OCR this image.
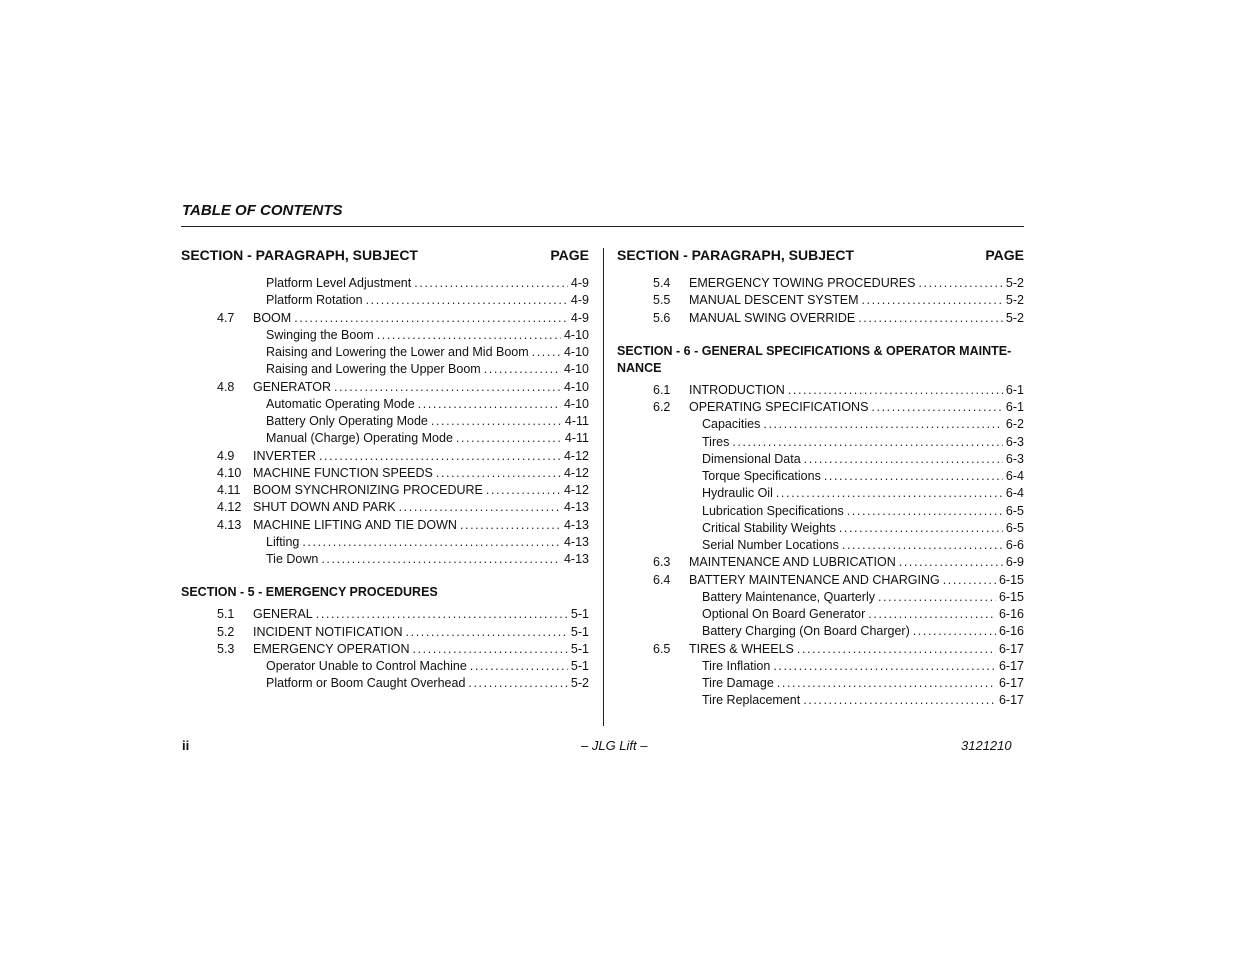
TABLE OF CONTENTS
SECTION - PARAGRAPH, SUBJECT	PAGE
Platform Level Adjustment .....	4-9
Platform Rotation .....	4-9
4.7	BOOM .....	4-9
Swinging the Boom .....	4-10
Raising and Lowering the Lower and Mid Boom .....	4-10
Raising and Lowering the Upper Boom .....	4-10
4.8	GENERATOR .....	4-10
Automatic Operating Mode .....	4-10
Battery Only Operating Mode .....	4-11
Manual (Charge) Operating Mode .....	4-11
4.9	INVERTER .....	4-12
4.10 MACHINE FUNCTION SPEEDS .....	4-12
4.11	BOOM SYNCHRONIZING PROCEDURE .....	4-12
4.12 SHUT DOWN AND PARK .....	4-13
4.13 MACHINE LIFTING AND TIE DOWN .....	4-13
Lifting .....	4-13
Tie Down .....	4-13
SECTION - 5 - EMERGENCY PROCEDURES
5.1	GENERAL .....	5-1
5.2	INCIDENT NOTIFICATION .....	5-1
5.3	EMERGENCY OPERATION .....	5-1
Operator Unable to Control Machine .....	5-1
Platform or Boom Caught Overhead .....	5-2
SECTION - PARAGRAPH, SUBJECT	PAGE
5.4	EMERGENCY TOWING PROCEDURES .....	5-2
5.5	MANUAL DESCENT SYSTEM .....	5-2
5.6	MANUAL SWING OVERRIDE .....	5-2
SECTION - 6 - GENERAL SPECIFICATIONS & OPERATOR MAINTE-NANCE
6.1	INTRODUCTION .....	6-1
6.2	OPERATING SPECIFICATIONS .....	6-1
Capacities .....	6-2
Tires .....	6-3
Dimensional Data .....	6-3
Torque Specifications .....	6-4
Hydraulic Oil .....	6-4
Lubrication Specifications .....	6-5
Critical Stability Weights .....	6-5
Serial Number Locations .....	6-6
6.3	MAINTENANCE AND LUBRICATION .....	6-9
6.4	BATTERY MAINTENANCE AND CHARGING .....	6-15
Battery Maintenance, Quarterly .....	6-15
Optional On Board Generator .....	6-16
Battery Charging (On Board Charger) .....	6-16
6.5	TIRES & WHEELS .....	6-17
Tire Inflation .....	6-17
Tire Damage .....	6-17
Tire Replacement .....	6-17
ii	– JLG Lift –	3121210
